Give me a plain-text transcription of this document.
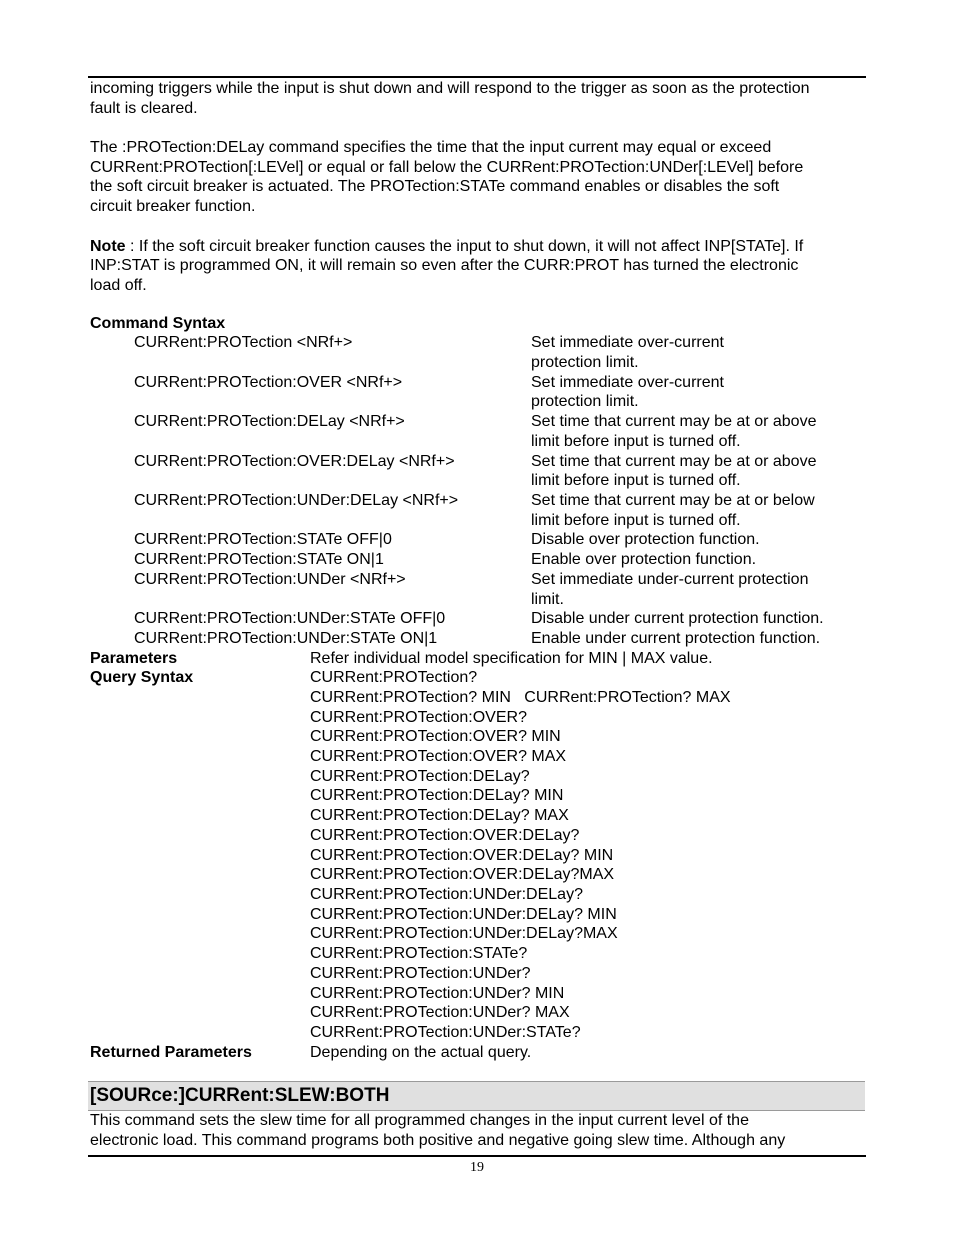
incoming triggers while the input is shut down and will respond to the trigger as soon as the protection
fault is cleared.
The :PROTection:DELay command specifies the time that the input current may equal or exceed
CURRent:PROTection[:LEVel] or equal or fall below the CURRent:PROTection:UNDer[:LEVel] before
the soft circuit breaker is actuated. The PROTection:STATe command enables or disables the soft
circuit breaker function.
Note : If the soft circuit breaker function causes the input to shut down, it will not affect INP[STATe]. If
INP:STAT is programmed ON, it will remain so even after the CURR:PROT has turned the electronic
load off.
Command Syntax
CURRent:PROTection <NRf+>	Set immediate over-current
protection limit.
CURRent:PROTection:OVER <NRf+>	Set immediate over-current
protection limit.
CURRent:PROTection:DELay <NRf+>	Set time that current may be at or above
limit before input is turned off.
CURRent:PROTection:OVER:DELay <NRf+>	Set time that current may be at or above
limit before input is turned off.
CURRent:PROTection:UNDer:DELay <NRf+>	Set time that current may be at or below
limit before input is turned off.
CURRent:PROTection:STATe OFF|0	Disable over protection function.
CURRent:PROTection:STATe ON|1	Enable over protection function.
CURRent:PROTection:UNDer <NRf+>	Set immediate under-current protection
limit.
CURRent:PROTection:UNDer:STATe OFF|0	Disable under current protection function.
CURRent:PROTection:UNDer:STATe ON|1	Enable under current protection function.
Parameters	Refer individual model specification for MIN | MAX value.
Query Syntax	CURRent:PROTection?
CURRent:PROTection? MIN   CURRent:PROTection? MAX
CURRent:PROTection:OVER?
CURRent:PROTection:OVER? MIN
CURRent:PROTection:OVER? MAX
CURRent:PROTection:DELay?
CURRent:PROTection:DELay? MIN
CURRent:PROTection:DELay? MAX
CURRent:PROTection:OVER:DELay?
CURRent:PROTection:OVER:DELay? MIN
CURRent:PROTection:OVER:DELay?MAX
CURRent:PROTection:UNDer:DELay?
CURRent:PROTection:UNDer:DELay? MIN
CURRent:PROTection:UNDer:DELay?MAX
CURRent:PROTection:STATe?
CURRent:PROTection:UNDer?
CURRent:PROTection:UNDer? MIN
CURRent:PROTection:UNDer? MAX
CURRent:PROTection:UNDer:STATe?
Returned Parameters	Depending on the actual query.
[SOURce:]CURRent:SLEW:BOTH
This command sets the slew time for all programmed changes in the input current level of the
electronic load. This command programs both positive and negative going slew time. Although any
19
